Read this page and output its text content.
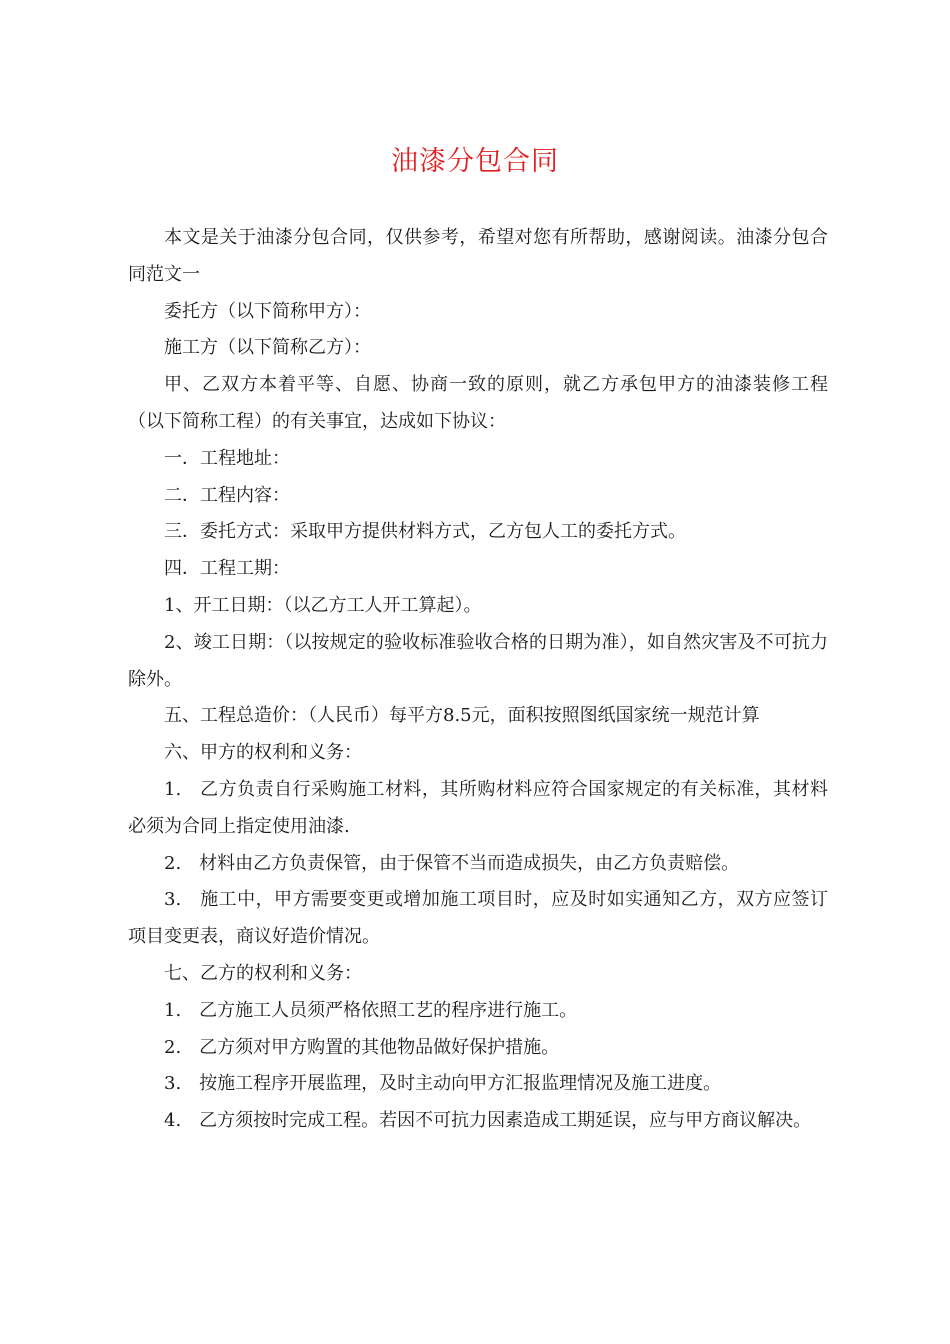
油漆分包合同

本文是关于油漆分包合同，仅供参考，希望对您有所帮助，感谢阅读。油漆分包合同范文一

委托方（以下简称甲方）：

施工方（以下简称乙方）：

甲、乙双方本着平等、自愿、协商一致的原则，就乙方承包甲方的油漆装修工程（以下简称工程）的有关事宜，达成如下协议：

一．工程地址：

二．工程内容：

三．委托方式：采取甲方提供材料方式，乙方包人工的委托方式。

四．工程工期：

1、开工日期：（以乙方工人开工算起）。

2、竣工日期：（以按规定的验收标准验收合格的日期为准），如自然灾害及不可抗力除外。

五、工程总造价：（人民币）每平方8.5元，面积按照图纸国家统一规范计算

六、甲方的权利和义务：

1.　乙方负责自行采购施工材料，其所购材料应符合国家规定的有关标准，其材料必须为合同上指定使用油漆.

2.　材料由乙方负责保管，由于保管不当而造成损失，由乙方负责赔偿。

3.　施工中，甲方需要变更或增加施工项目时，应及时如实通知乙方，双方应签订项目变更表，商议好造价情况。

七、乙方的权利和义务：

1.　乙方施工人员须严格依照工艺的程序进行施工。

2.　乙方须对甲方购置的其他物品做好保护措施。

3.　按施工程序开展监理，及时主动向甲方汇报监理情况及施工进度。

4.　乙方须按时完成工程。若因不可抗力因素造成工期延误，应与甲方商议解决。
